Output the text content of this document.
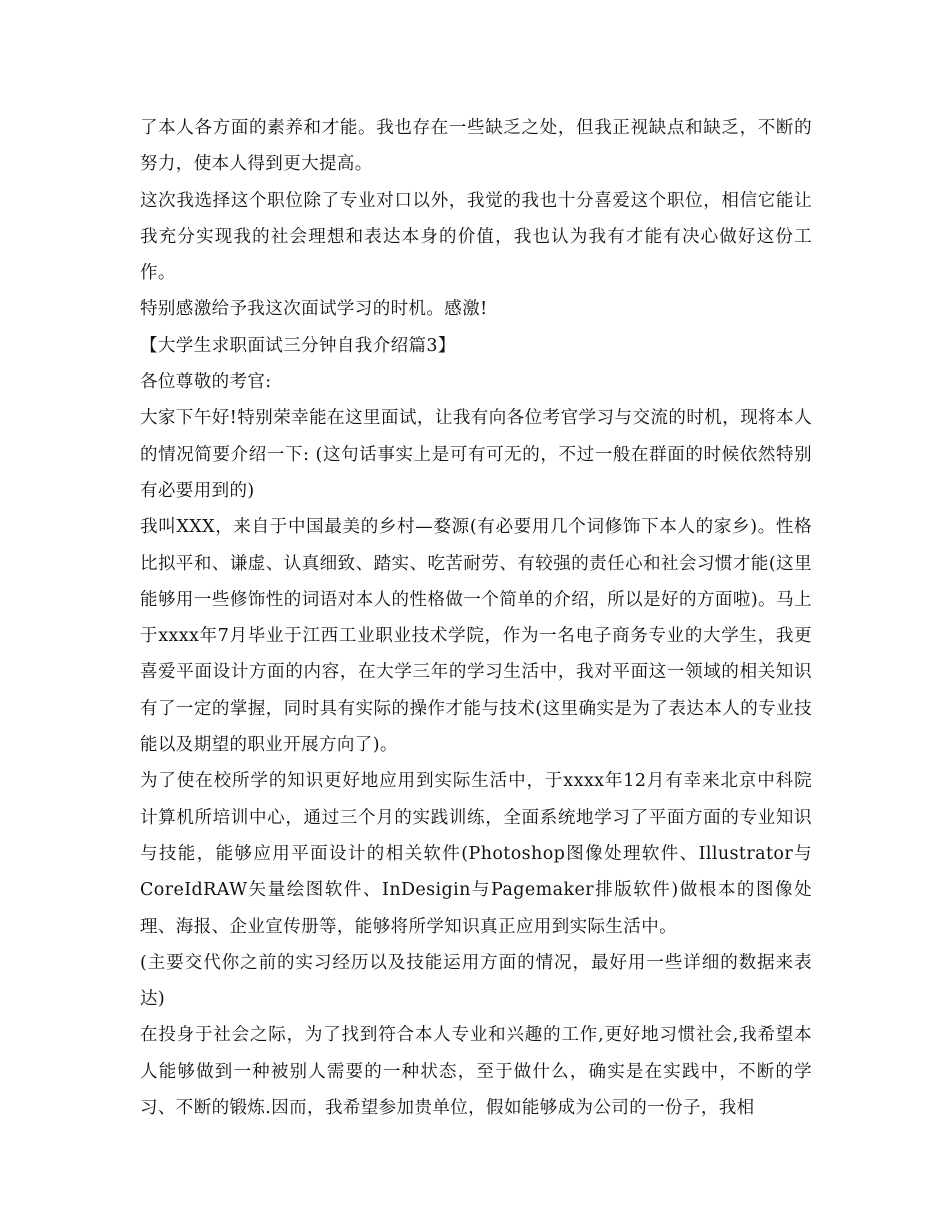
了本人各方面的素养和才能。我也存在一些缺乏之处，但我正视缺点和缺乏，不断的努力，使本人得到更大提高。

这次我选择这个职位除了专业对口以外，我觉的我也十分喜爱这个职位，相信它能让我充分实现我的社会理想和表达本身的价值，我也认为我有才能有决心做好这份工作。

特别感激给予我这次面试学习的时机。感激!

【大学生求职面试三分钟自我介绍篇3】

各位尊敬的考官:

大家下午好!特别荣幸能在这里面试，让我有向各位考官学习与交流的时机，现将本人的情况简要介绍一下: (这句话事实上是可有可无的，不过一般在群面的时候依然特别有必要用到的)

我叫XXX，来自于中国最美的乡村—婺源(有必要用几个词修饰下本人的家乡)。性格比拟平和、谦虚、认真细致、踏实、吃苦耐劳、有较强的责任心和社会习惯才能(这里能够用一些修饰性的词语对本人的性格做一个简单的介绍，所以是好的方面啦)。马上于xxxx年7月毕业于江西工业职业技术学院，作为一名电子商务专业的大学生，我更喜爱平面设计方面的内容，在大学三年的学习生活中，我对平面这一领域的相关知识有了一定的掌握，同时具有实际的操作才能与技术(这里确实是为了表达本人的专业技能以及期望的职业开展方向了)。

为了使在校所学的知识更好地应用到实际生活中，于xxxx年12月有幸来北京中科院计算机所培训中心，通过三个月的实践训练，全面系统地学习了平面方面的专业知识与技能，能够应用平面设计的相关软件(Photoshop图像处理软件、Illustrator与CoreIdRAW矢量绘图软件、InDesigin与Pagemaker排版软件)做根本的图像处理、海报、企业宣传册等，能够将所学知识真正应用到实际生活中。

(主要交代你之前的实习经历以及技能运用方面的情况，最好用一些详细的数据来表达)

在投身于社会之际，为了找到符合本人专业和兴趣的工作,更好地习惯社会,我希望本人能够做到一种被别人需要的一种状态，至于做什么，确实是在实践中，不断的学习、不断的锻炼.因而，我希望参加贵单位，假如能够成为公司的一份子，我相
